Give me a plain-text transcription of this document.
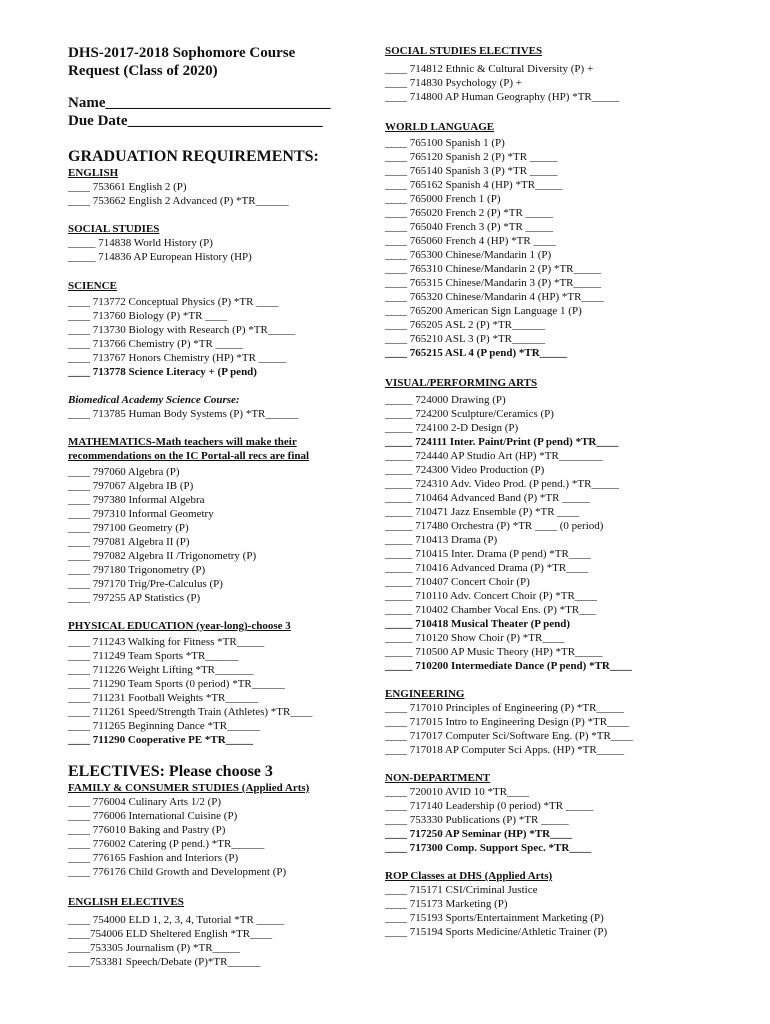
DHS-2017-2018 Sophomore Course
Request (Class of 2020)
Name______________________________
Due Date__________________________
GRADUATION REQUIREMENTS:
ENGLISH
____ 753661 English 2 (P)
____ 753662 English 2 Advanced (P) *TR______
SOCIAL STUDIES
_____ 714838 World History (P)
_____ 714836 AP European History (HP)
SCIENCE
____ 713772 Conceptual Physics (P) *TR ____
____ 713760 Biology (P) *TR ____
____ 713730 Biology with Research (P) *TR_____
____ 713766 Chemistry (P) *TR _____
____ 713767 Honors Chemistry (HP) *TR _____
____ 713778 Science Literacy + (P pend)
Biomedical Academy Science Course:
____ 713785 Human Body Systems (P) *TR______
MATHEMATICS-Math teachers will make their
recommendations on the IC Portal-all recs are final
____ 797060 Algebra (P)
____ 797067 Algebra IB (P)
____ 797380 Informal Algebra
____ 797310 Informal Geometry
____ 797100 Geometry (P)
____ 797081 Algebra II (P)
____ 797082 Algebra II /Trigonometry (P)
____ 797180 Trigonometry (P)
____ 797170 Trig/Pre-Calculus (P)
____ 797255 AP Statistics (P)
PHYSICAL EDUCATION (year-long)-choose 3
____ 711243 Walking for Fitness *TR_____
____ 711249 Team Sports *TR______
____ 711226 Weight Lifting *TR_______
____ 711290 Team Sports (0 period) *TR______
____ 711231 Football Weights *TR______
____ 711261 Speed/Strength Train (Athletes) *TR____
____ 711265 Beginning Dance *TR______
____ 711290 Cooperative PE *TR_____
ELECTIVES: Please choose 3
FAMILY & CONSUMER STUDIES (Applied Arts)
____ 776004 Culinary Arts 1/2 (P)
____ 776006 International Cuisine (P)
____ 776010 Baking and Pastry (P)
____ 776002 Catering (P pend.) *TR______
____ 776165 Fashion and Interiors (P)
____ 776176 Child Growth and Development (P)
ENGLISH ELECTIVES
____ 754000 ELD 1, 2, 3, 4, Tutorial *TR _____
____754006 ELD Sheltered English *TR____
____753305 Journalism (P) *TR_____
____753381 Speech/Debate (P)*TR______
SOCIAL STUDIES ELECTIVES
____ 714812 Ethnic & Cultural Diversity (P) +
____ 714830 Psychology (P) +
____ 714800 AP Human Geography (HP) *TR_____
WORLD LANGUAGE
____ 765100 Spanish 1 (P)
____ 765120 Spanish 2 (P) *TR _____
____ 765140 Spanish 3 (P) *TR _____
____ 765162 Spanish 4 (HP) *TR_____
____ 765000 French 1 (P)
____ 765020 French 2 (P) *TR _____
____ 765040 French 3 (P) *TR _____
____ 765060 French 4 (HP) *TR ____
____ 765300 Chinese/Mandarin 1 (P)
____ 765310 Chinese/Mandarin 2 (P) *TR_____
____ 765315 Chinese/Mandarin 3 (P) *TR_____
____ 765320 Chinese/Mandarin 4 (HP) *TR____
____ 765200 American Sign Language 1 (P)
____ 765205 ASL 2 (P) *TR______
____ 765210 ASL 3 (P) *TR______
____ 765215 ASL 4 (P pend) *TR_____
VISUAL/PERFORMING ARTS
_____ 724000 Drawing (P)
_____ 724200 Sculpture/Ceramics (P)
_____ 724100 2-D Design (P)
_____ 724111 Inter. Paint/Print (P pend) *TR____
_____ 724440 AP Studio Art (HP) *TR________
_____ 724300 Video Production (P)
_____ 724310 Adv. Video Prod. (P pend.) *TR_____
_____ 710464 Advanced Band (P) *TR _____
_____ 710471 Jazz Ensemble (P) *TR ____
_____ 717480 Orchestra (P) *TR ____ (0 period)
_____ 710413 Drama (P)
_____ 710415 Inter. Drama (P pend) *TR____
_____ 710416 Advanced Drama (P) *TR____
_____ 710407 Concert Choir (P)
_____ 710110 Adv. Concert Choir (P) *TR____
_____ 710402 Chamber Vocal Ens. (P) *TR___
_____ 710418 Musical Theater (P pend)
_____ 710120 Show Choir (P) *TR____
_____ 710500 AP Music Theory (HP) *TR_____
_____ 710200 Intermediate Dance (P pend) *TR____
ENGINEERING
____ 717010 Principles of Engineering (P) *TR_____
____ 717015 Intro to Engineering Design (P) *TR____
____ 717017 Computer Sci/Software Eng. (P) *TR____
____ 717018 AP Computer Sci Apps. (HP) *TR_____
NON-DEPARTMENT
____ 720010 AVID 10 *TR____
____ 717140 Leadership (0 period) *TR _____
____ 753330 Publications (P) *TR _____
____ 717250 AP Seminar (HP) *TR____
____ 717300 Comp. Support Spec. *TR____
ROP Classes at DHS (Applied Arts)
____ 715171 CSI/Criminal Justice
____ 715173 Marketing (P)
____ 715193 Sports/Entertainment Marketing (P)
____ 715194 Sports Medicine/Athletic Trainer (P)
